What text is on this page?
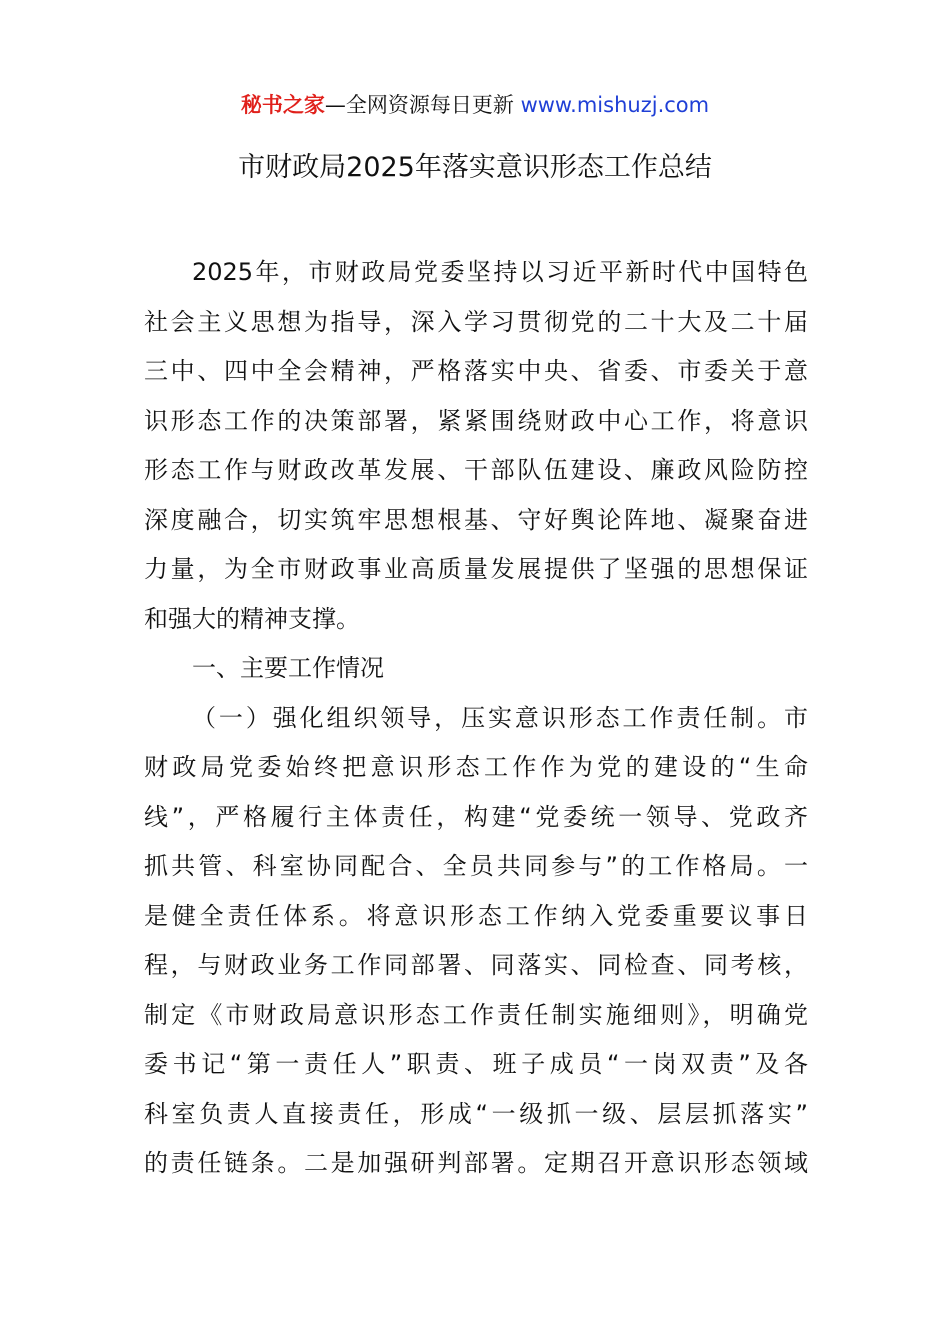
秘书之家—全网资源每日更新 www.mishuzj.com
市财政局2025年落实意识形态工作总结
2025年，市财政局党委坚持以习近平新时代中国特色
社会主义思想为指导，深入学习贯彻党的二十大及二十届
三中、四中全会精神，严格落实中央、省委、市委关于意
识形态工作的决策部署，紧紧围绕财政中心工作，将意识
形态工作与财政改革发展、干部队伍建设、廉政风险防控
深度融合，切实筑牢思想根基、守好舆论阵地、凝聚奋进
力量，为全市财政事业高质量发展提供了坚强的思想保证
和强大的精神支撑。
一、主要工作情况
（一）强化组织领导，压实意识形态工作责任制。市
财政局党委始终把意识形态工作作为党的建设的“生命
线”，严格履行主体责任，构建“党委统一领导、党政齐
抓共管、科室协同配合、全员共同参与”的工作格局。一
是健全责任体系。将意识形态工作纳入党委重要议事日
程，与财政业务工作同部署、同落实、同检查、同考核，
制定《市财政局意识形态工作责任制实施细则》，明确党
委书记“第一责任人”职责、班子成员“一岗双责”及各
科室负责人直接责任，形成“一级抓一级、层层抓落实”
的责任链条。二是加强研判部署。定期召开意识形态领域
